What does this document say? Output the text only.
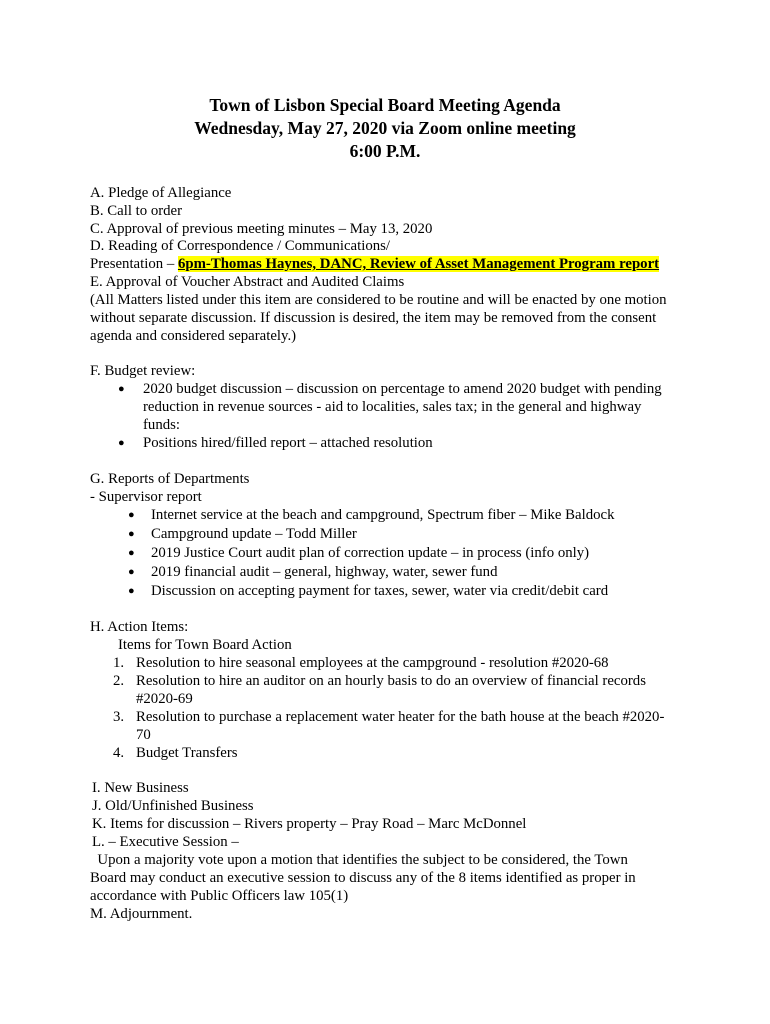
Town of Lisbon Special Board Meeting Agenda
Wednesday, May 27, 2020 via Zoom online meeting
6:00 P.M.
A. Pledge of Allegiance
B. Call to order
C. Approval of previous meeting minutes – May 13, 2020
D. Reading of Correspondence / Communications/
Presentation – 6pm-Thomas Haynes, DANC, Review of Asset Management Program report
E. Approval of Voucher Abstract and Audited Claims
(All Matters listed under this item are considered to be routine and will be enacted by one motion
without separate discussion. If discussion is desired, the item may be removed from the consent
agenda and considered separately.)
F. Budget review:
● 2020 budget discussion – discussion on percentage to amend 2020 budget with pending
reduction in revenue sources - aid to localities, sales tax; in the general and highway
funds:
● Positions hired/filled report – attached resolution
G. Reports of Departments
- Supervisor report
● Internet service at the beach and campground, Spectrum fiber – Mike Baldock
● Campground update – Todd Miller
● 2019 Justice Court audit plan of correction update – in process (info only)
● 2019 financial audit – general, highway, water, sewer fund
● Discussion on accepting payment for taxes, sewer, water via credit/debit card
H. Action Items:
Items for Town Board Action
1. Resolution to hire seasonal employees at the campground - resolution #2020-68
2. Resolution to hire an auditor on an hourly basis to do an overview of financial records
#2020-69
3. Resolution to purchase a replacement water heater for the bath house at the beach #2020-
70
4. Budget Transfers
I. New Business
J. Old/Unfinished Business
K. Items for discussion – Rivers property – Pray Road – Marc McDonnel
L. – Executive Session –
Upon a majority vote upon a motion that identifies the subject to be considered, the Town
Board may conduct an executive session to discuss any of the 8 items identified as proper in
accordance with Public Officers law 105(1)
M. Adjournment.
